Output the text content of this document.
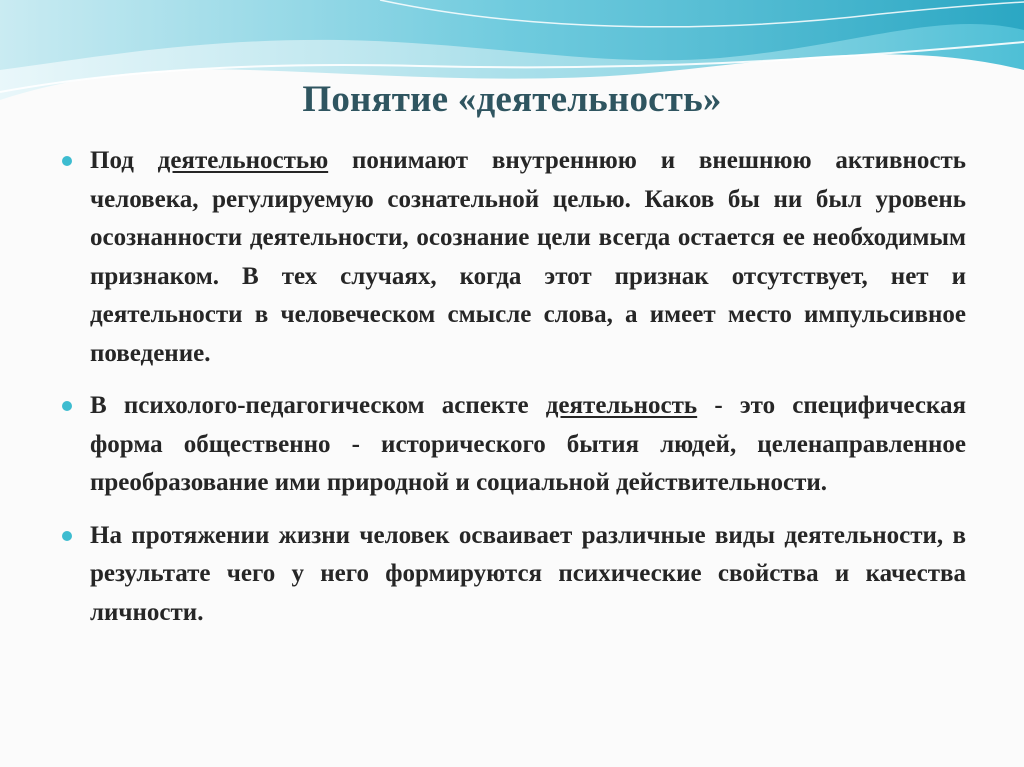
Понятие «деятельность»
Под деятельностью понимают внутреннюю и внешнюю активность человека, регулируемую сознательной целью. Каков бы ни был уровень осознанности деятельности, осознание цели всегда остается ее необходимым признаком. В тех случаях, когда этот признак отсутствует, нет и деятельности в человеческом смысле слова, а имеет место импульсивное поведение.
В психолого-педагогическом аспекте деятельность - это специфическая форма общественно - исторического бытия людей, целенаправленное преобразование ими природной и социальной действительности.
На протяжении жизни человек осваивает различные виды деятельности, в результате чего у него формируются психические свойства и качества личности.
